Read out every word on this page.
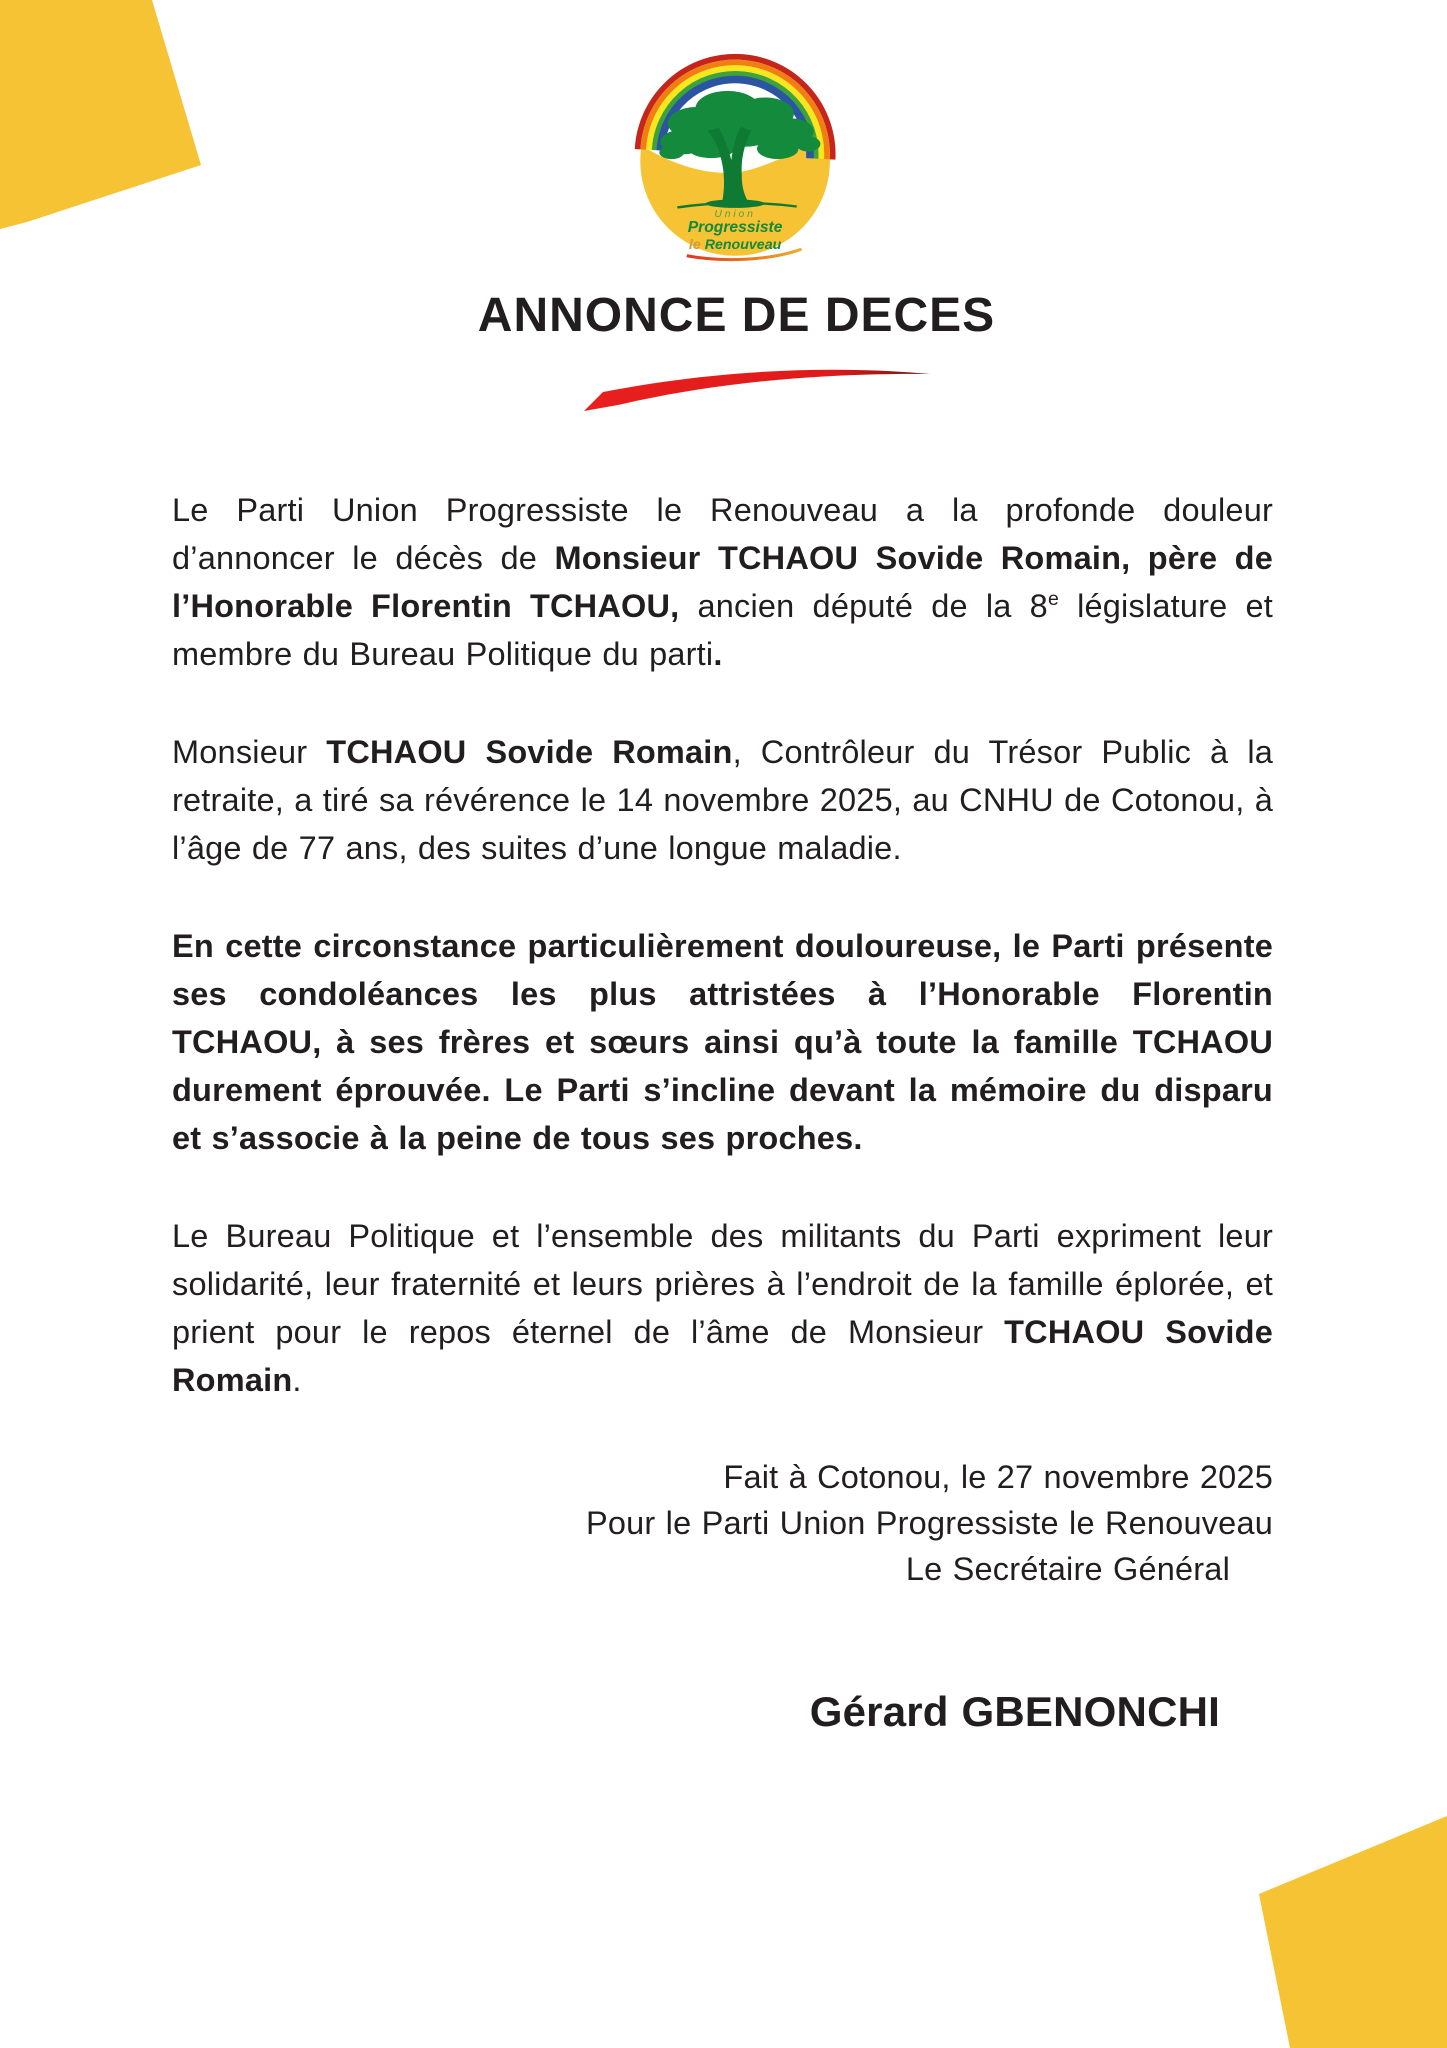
Union
Progressiste
le Renouveau
ANNONCE DE DECES

Le Parti Union Progressiste le Renouveau a la profonde douleur d’annoncer le décès de Monsieur TCHAOU Sovide Romain, père de l’Honorable Florentin TCHAOU, ancien député de la 8e législature et membre du Bureau Politique du parti.

Monsieur TCHAOU Sovide Romain, Contrôleur du Trésor Public à la retraite, a tiré sa révérence le 14 novembre 2025, au CNHU de Cotonou, à l’âge de 77 ans, des suites d’une longue maladie.

En cette circonstance particulièrement douloureuse, le Parti présente ses condoléances les plus attristées à l’Honorable Florentin TCHAOU, à ses frères et sœurs ainsi qu’à toute la famille TCHAOU durement éprouvée. Le Parti s’incline devant la mémoire du disparu et s’associe à la peine de tous ses proches.

Le Bureau Politique et l’ensemble des militants du Parti expriment leur solidarité, leur fraternité et leurs prières à l’endroit de la famille éplorée, et prient pour le repos éternel de l’âme de Monsieur TCHAOU Sovide Romain.

Fait à Cotonou, le 27 novembre 2025
Pour le Parti Union Progressiste le Renouveau
Le Secrétaire Général
Gérard GBENONCHI
